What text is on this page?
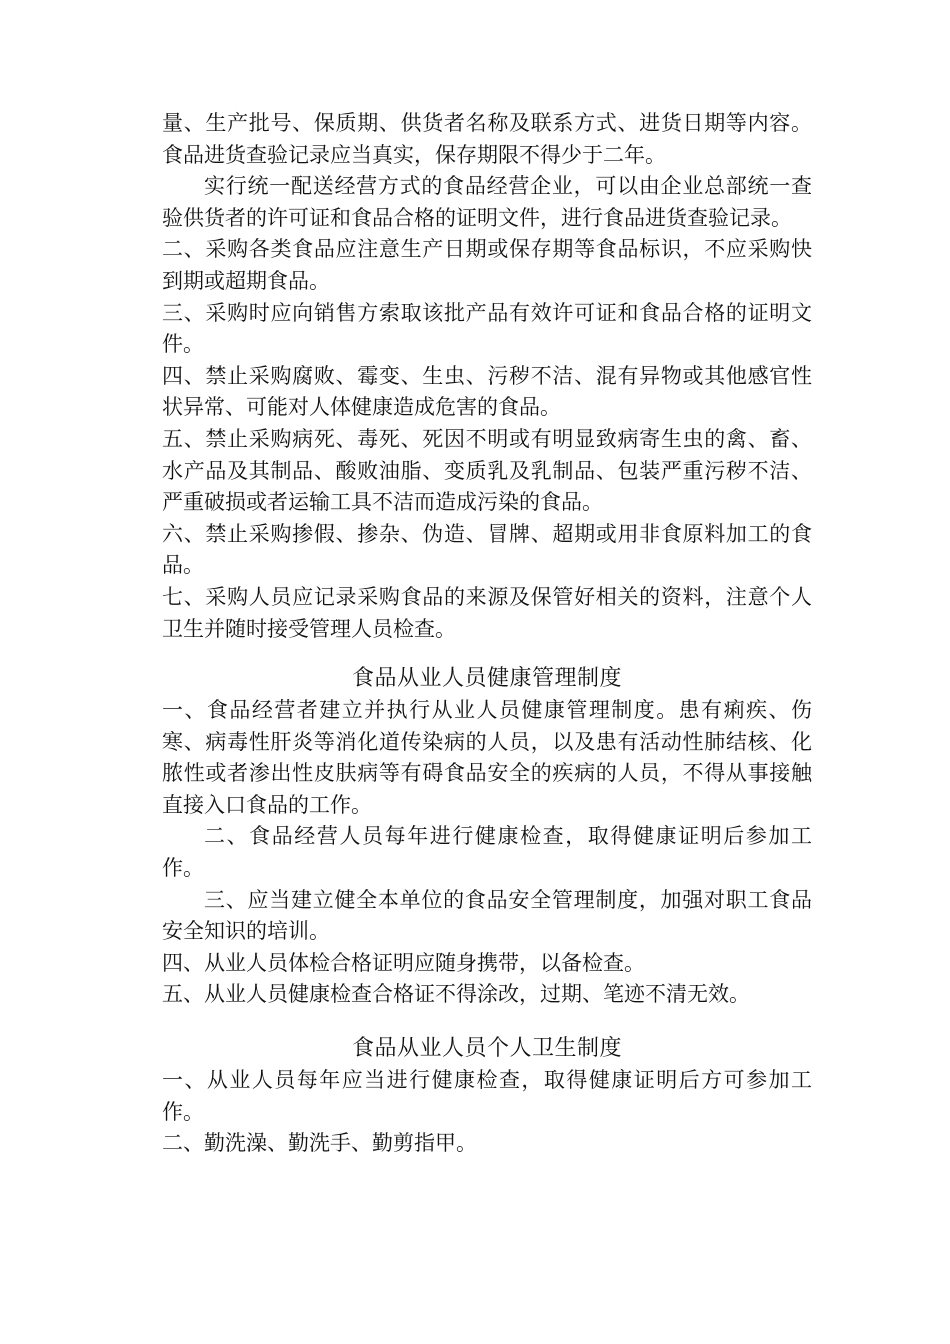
量、生产批号、保质期、供货者名称及联系方式、进货日期等内容。食品进货查验记录应当真实，保存期限不得少于二年。

实行统一配送经营方式的食品经营企业，可以由企业总部统一查验供货者的许可证和食品合格的证明文件，进行食品进货查验记录。

二、采购各类食品应注意生产日期或保存期等食品标识，不应采购快到期或超期食品。

三、采购时应向销售方索取该批产品有效许可证和食品合格的证明文件。

四、禁止采购腐败、霉变、生虫、污秽不洁、混有异物或其他感官性状异常、可能对人体健康造成危害的食品。

五、禁止采购病死、毒死、死因不明或有明显致病寄生虫的禽、畜、水产品及其制品、酸败油脂、变质乳及乳制品、包装严重污秽不洁、严重破损或者运输工具不洁而造成污染的食品。

六、禁止采购掺假、掺杂、伪造、冒牌、超期或用非食原料加工的食品。

七、采购人员应记录采购食品的来源及保管好相关的资料，注意个人卫生并随时接受管理人员检查。

食品从业人员健康管理制度

一、食品经营者建立并执行从业人员健康管理制度。患有痢疾、伤寒、病毒性肝炎等消化道传染病的人员，以及患有活动性肺结核、化脓性或者渗出性皮肤病等有碍食品安全的疾病的人员，不得从事接触直接入口食品的工作。

二、食品经营人员每年进行健康检查，取得健康证明后参加工作。

三、应当建立健全本单位的食品安全管理制度，加强对职工食品安全知识的培训。

四、从业人员体检合格证明应随身携带，以备检查。

五、从业人员健康检查合格证不得涂改，过期、笔迹不清无效。

食品从业人员个人卫生制度

一、从业人员每年应当进行健康检查，取得健康证明后方可参加工作。

二、勤洗澡、勤洗手、勤剪指甲。
